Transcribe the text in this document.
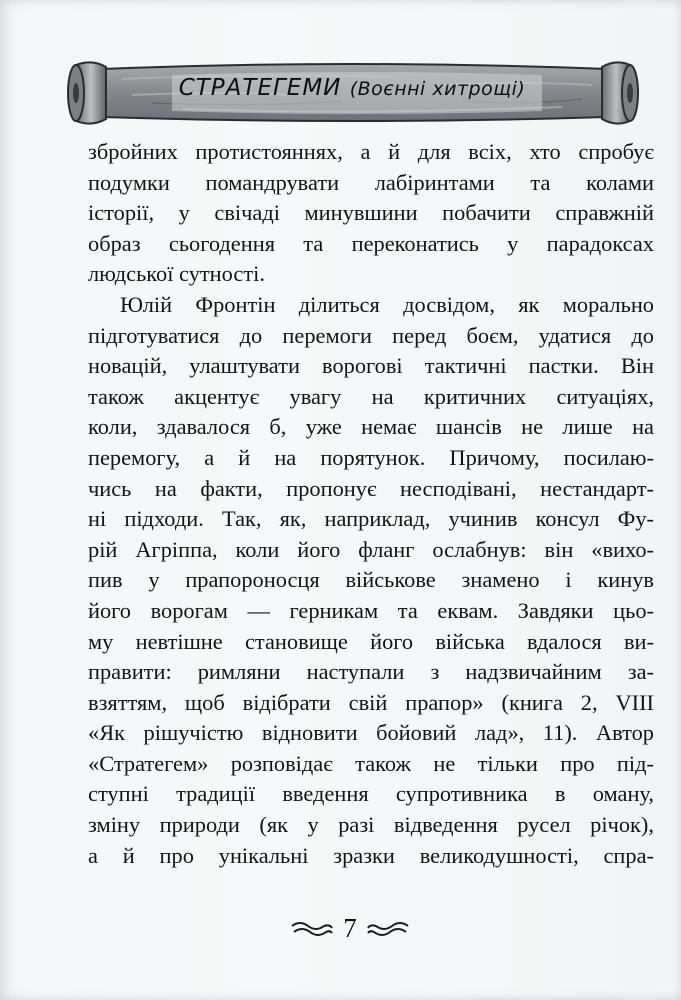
СТРАТЕГЕМИ (Воєнні хитрощі)
збройних протистояннях, а й для всіх, хто спробує
подумки помандрувати лабіринтами та колами
історії, у свічаді минувшини побачити справжній
образ сьогодення та переконатись у парадоксах
людської сутності.
Юлій Фронтін ділиться досвідом, як морально
підготуватися до перемоги перед боєм, удатися до
новацій, улаштувати ворогові тактичні пастки. Він
також акцентує увагу на критичних ситуаціях,
коли, здавалося б, уже немає шансів не лише на
перемогу, а й на порятунок. Причому, поcилаю-
чись на факти, пропонує несподівані, нестандарт-
ні підходи. Так, як, наприклад, учинив консул Фу-
рій Агріппа, коли його фланг ослабнув: він «вихо-
пив у прапороносця військове знамено і кинув
його ворогам — герникам та еквам. Завдяки цьо-
му невтішне становище його війська вдалося ви-
правити: римляни наступали з надзвичайним за-
взяттям, щоб відібрати свій прапор» (книга 2, VIII
«Як рішучістю відновити бойовий лад», 11). Автор
«Стратегем» розповідає також не тільки про під-
ступні традиції введення супротивника в оману,
зміну природи (як у разі відведення русел річок),
а й про унікальні зразки великодушності, спра-
7
